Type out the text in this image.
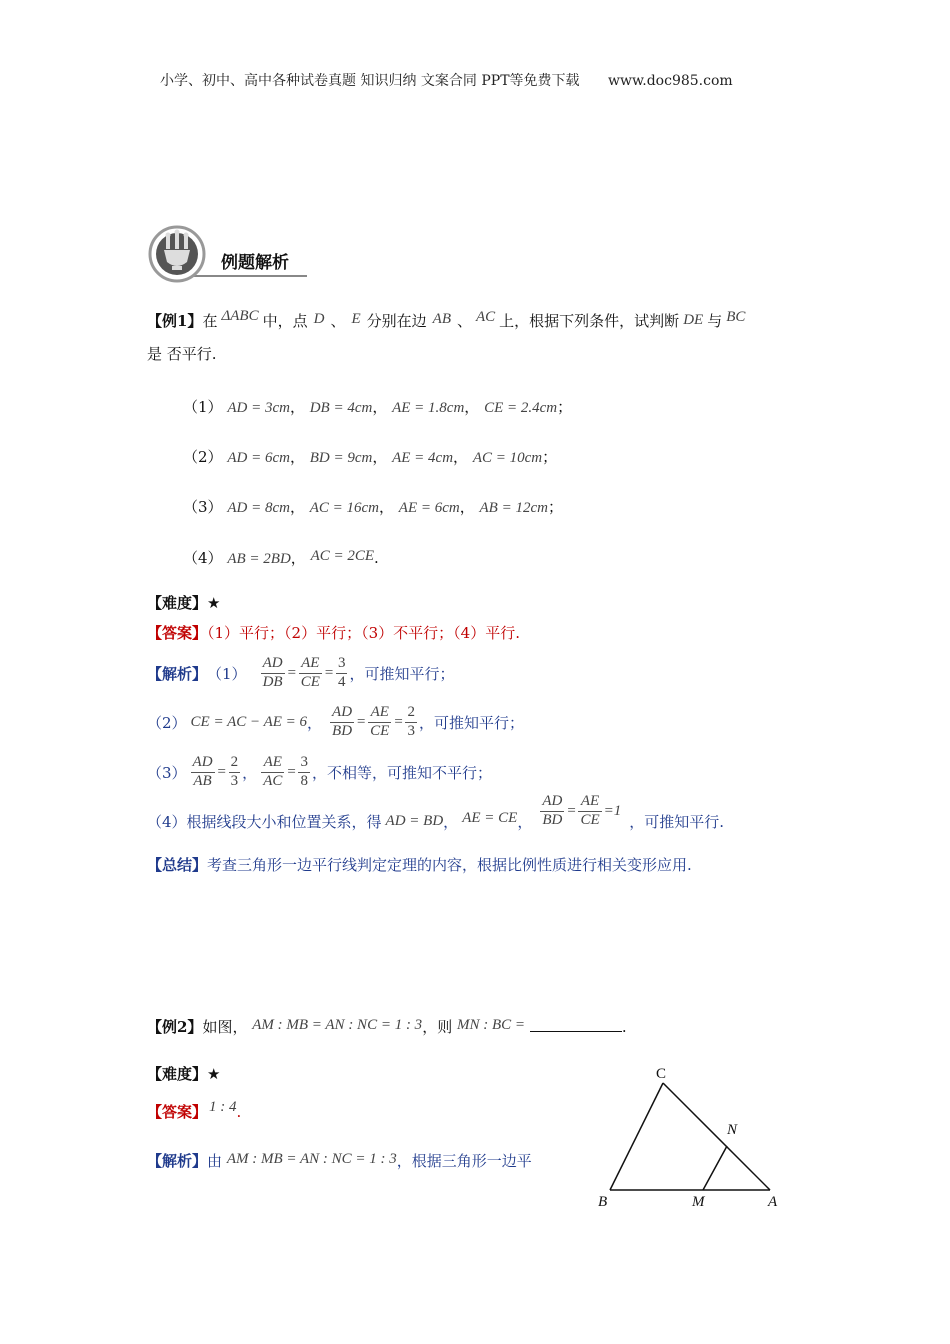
小学、初中、高中各种试卷真题 知识归纳 文案合同 PPT等免费下载 www.doc985.com
例题解析
【例1】在 ΔABC 中，点 D 、 E 分别在边 AB 、 AC 上，根据下列条件，试判断 DE 与 BC
是 否平行.
（1） AD = 3cm， DB = 4cm， AE = 1.8cm， CE = 2.4cm；
（2） AD = 6cm， BD = 9cm， AE = 4cm， AC = 10cm；
（3） AD = 8cm， AC = 16cm， AE = 6cm， AB = 12cm；
（4） AB = 2BD， AC = 2CE.
【难度】★
【答案】（1）平行；（2）平行；（3）不平行；（4）平行.
【解析】 $(1) \frac{AD}{DB} = \frac{AE}{CE} = \frac{3}{4}$ ，可推知平行；
（2） CE = AC − AE = 6 ， $\frac{AD}{BD} = \frac{AE}{CE} = \frac{2}{3}$ ，可推知平行；
$(3) \frac{AD}{AB} = \frac{2}{3}$ ， $\frac{AE}{AC} = \frac{3}{8}$ ，不相等，可推知不平行；
（4）根据线段大小和位置关系，得 AD = BD ， AE = CE ， $\frac{AD}{BD} = \frac{AE}{CE} = 1$
，可推知平行.
【总结】考查三角形一边平行线判定定理的内容，根据比例性质进行相关变形应用.
【例2】如图， AM : MB = AN : NC = 1 : 3，则 MN : BC =	.
【难度】★
【答案】 1 : 4.
【解析】由 AM : MB = AN : NC = 1 : 3，根据三角形一边平
C
N
B	M	A
